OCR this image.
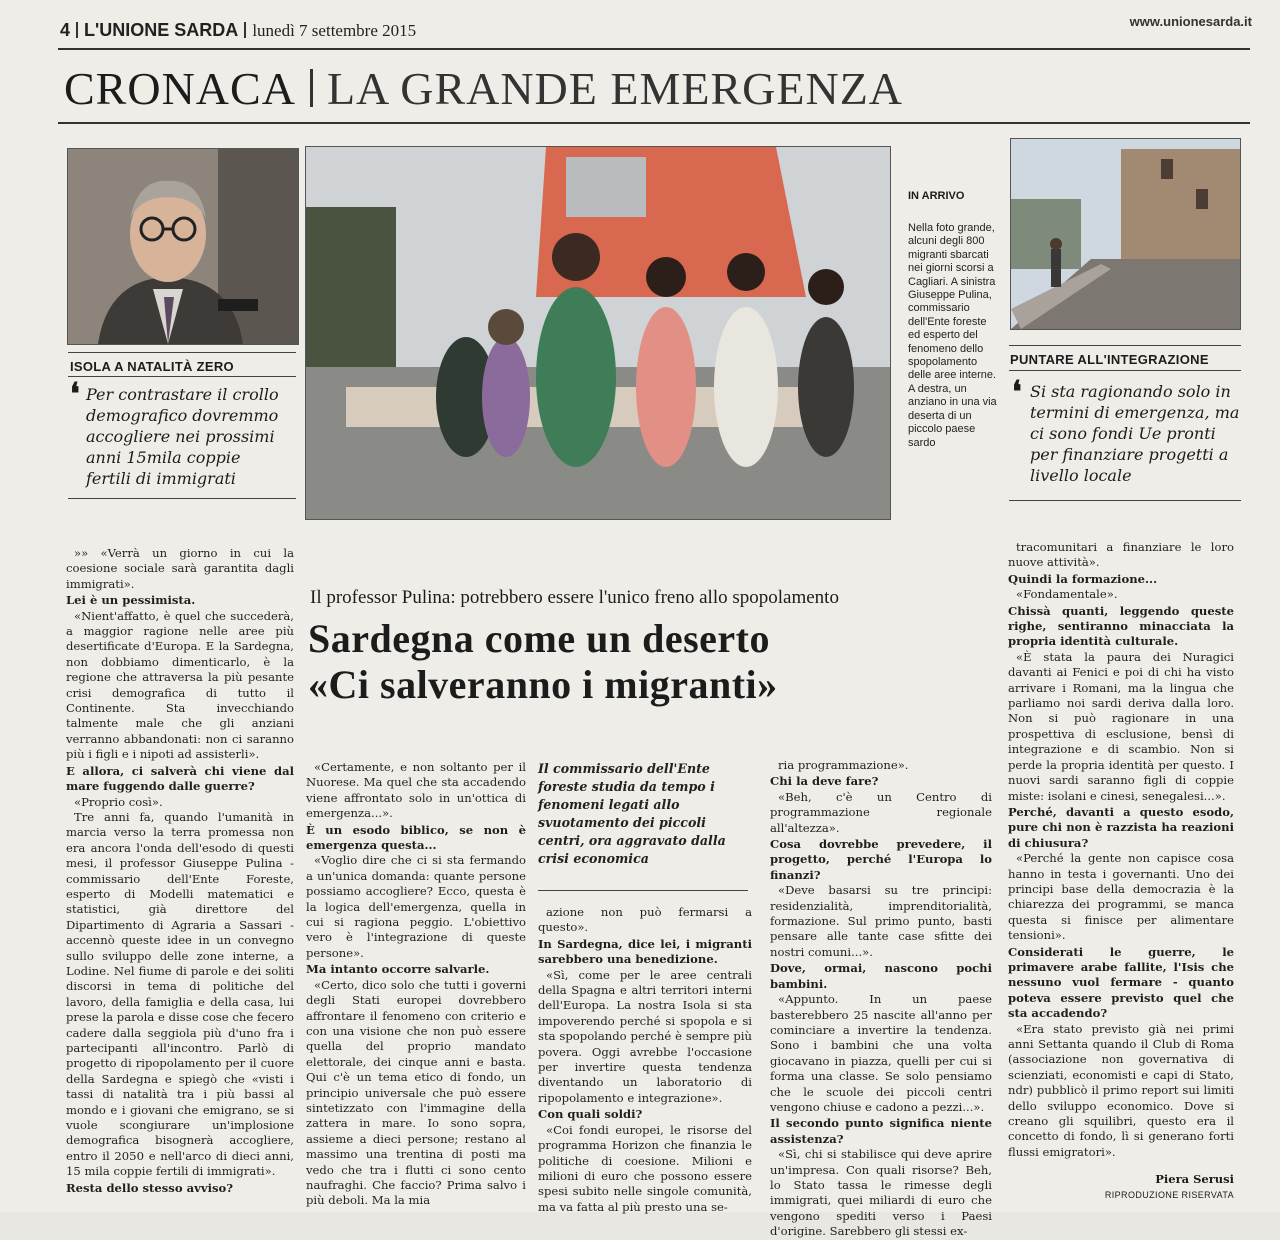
4 L'UNIONE SARDA lunedì 7 settembre 2015	www.unionesarda.it
CRONACA LA GRANDE EMERGENZA
ISOLA A NATALITÀ ZERO
❛ Per contrastare il crollo demografico dovremmo accogliere nei prossimi anni 15mila coppie fertili di immigrati
PUNTARE ALL'INTEGRAZIONE
❛ Si sta ragionando solo in termini di emergenza, ma ci sono fondi Ue pronti per finanziare progetti a livello locale
IN ARRIVO
Nella foto grande, alcuni degli 800 migranti sbarcati nei giorni scorsi a Cagliari. A sinistra Giuseppe Pulina, commissario dell'Ente foreste ed esperto del fenomeno dello spopolamento delle aree interne. A destra, un anziano in una via deserta di un piccolo paese sardo
Il professor Pulina: potrebbero essere l'unico freno allo spopolamento
Sardegna come un deserto
«Ci salveranno i migranti»

»» «Verrà un giorno in cui la coesione sociale sarà garantita dagli immigrati».

Lei è un pessimista.

«Nient'affatto, è quel che succederà, a maggior ragione nelle aree più desertificate d'Europa. E la Sardegna, non dobbiamo dimenticarlo, è la regione che attraversa la più pesante crisi demografica di tutto il Continente. Sta invecchiando talmente male che gli anziani verranno abbandonati: non ci saranno più i figli e i nipoti ad assisterli».

E allora, ci salverà chi viene dal mare fuggendo dalle guerre?

«Proprio così».

Tre anni fa, quando l'umanità in marcia verso la terra promessa non era ancora l'onda dell'esodo di questi mesi, il professor Giuseppe Pulina - commissario dell'Ente Foreste, esperto di Modelli matematici e statistici, già direttore del Dipartimento di Agraria a Sassari - accennò queste idee in un convegno sullo sviluppo delle zone interne, a Lodine. Nel fiume di parole e dei soliti discorsi in tema di politiche del lavoro, della famiglia e della casa, lui prese la parola e disse cose che fecero cadere dalla seggiola più d'uno fra i partecipanti all'incontro. Parlò di progetto di ripopolamento per il cuore della Sardegna e spiegò che «visti i tassi di natalità tra i più bassi al mondo e i giovani che emigrano, se si vuole scongiurare un'implosione demografica bisognerà accogliere, entro il 2050 e nell'arco di dieci anni, 15 mila coppie fertili di immigrati».

Resta dello stesso avviso?

«Certamente, e non soltanto per il Nuorese. Ma quel che sta accadendo viene affrontato solo in un'ottica di emergenza...».

È un esodo biblico, se non è emergenza questa...

«Voglio dire che ci si sta fermando a un'unica domanda: quante persone possiamo accogliere? Ecco, questa è la logica dell'emergenza, quella in cui si ragiona peggio. L'obiettivo vero è l'integrazione di queste persone».

Ma intanto occorre salvarle.

«Certo, dico solo che tutti i governi degli Stati europei dovrebbero affrontare il fenomeno con criterio e con una visione che non può essere quella del proprio mandato elettorale, dei cinque anni e basta. Qui c'è un tema etico di fondo, un principio universale che può essere sintetizzato con l'immagine della zattera in mare. Io sono sopra, assieme a dieci persone; restano al massimo una trentina di posti ma vedo che tra i flutti ci sono cento naufraghi. Che faccio? Prima salvo i più deboli. Ma la mia

Il commissario dell'Ente foreste studia da tempo i fenomeni legati allo svuotamento dei piccoli centri, ora aggravato dalla crisi economica

azione non può fermarsi a questo».

In Sardegna, dice lei, i migranti sarebbero una benedizione.

«Sì, come per le aree centrali della Spagna e altri territori interni dell'Europa. La nostra Isola si sta impoverendo perché si spopola e si sta spopolando perché è sempre più povera. Oggi avrebbe l'occasione per invertire questa tendenza diventando un laboratorio di ripopolamento e integrazione».

Con quali soldi?

«Coi fondi europei, le risorse del programma Horizon che finanzia le politiche di coesione. Milioni e milioni di euro che possono essere spesi subito nelle singole comunità, ma va fatta al più presto una se-

ria programmazione».

Chi la deve fare?

«Beh, c'è un Centro di programmazione regionale all'altezza».

Cosa dovrebbe prevedere, il progetto, perché l'Europa lo finanzi?

«Deve basarsi su tre principi: residenzialità, imprenditorialità, formazione. Sul primo punto, basti pensare alle tante case sfitte dei nostri comuni...».

Dove, ormai, nascono pochi bambini.

«Appunto. In un paese basterebbero 25 nascite all'anno per cominciare a invertire la tendenza. Sono i bambini che una volta giocavano in piazza, quelli per cui si forma una classe. Se solo pensiamo che le scuole dei piccoli centri vengono chiuse e cadono a pezzi...».

Il secondo punto significa niente assistenza?

«Sì, chi si stabilisce qui deve aprire un'impresa. Con quali risorse? Beh, lo Stato tassa le rimesse degli immigrati, quei miliardi di euro che vengono spediti verso i Paesi d'origine. Sarebbero gli stessi ex-

tracomunitari a finanziare le loro nuove attività».

Quindi la formazione...

«Fondamentale».

Chissà quanti, leggendo queste righe, sentiranno minacciata la propria identità culturale.

«È stata la paura dei Nuragici davanti ai Fenici e poi di chi ha visto arrivare i Romani, ma la lingua che parliamo noi sardi deriva dalla loro. Non si può ragionare in una prospettiva di esclusione, bensì di integrazione e di scambio. Non si perde la propria identità per questo. I nuovi sardi saranno figli di coppie miste: isolani e cinesi, senegalesi...».

Perché, davanti a questo esodo, pure chi non è razzista ha reazioni di chiusura?

«Perché la gente non capisce cosa hanno in testa i governanti. Uno dei principi base della democrazia è la chiarezza dei programmi, se manca questa si finisce per alimentare tensioni».

Considerati le guerre, le primavere arabe fallite, l'Isis che nessuno vuol fermare - quanto poteva essere previsto quel che sta accadendo?

«Era stato previsto già nei primi anni Settanta quando il Club di Roma (associazione non governativa di scienziati, economisti e capi di Stato, ndr) pubblicò il primo report sui limiti dello sviluppo economico. Dove si creano gli squilibri, questo era il concetto di fondo, lì si generano forti flussi emigratori».

Piera Serusi
RIPRODUZIONE RISERVATA
